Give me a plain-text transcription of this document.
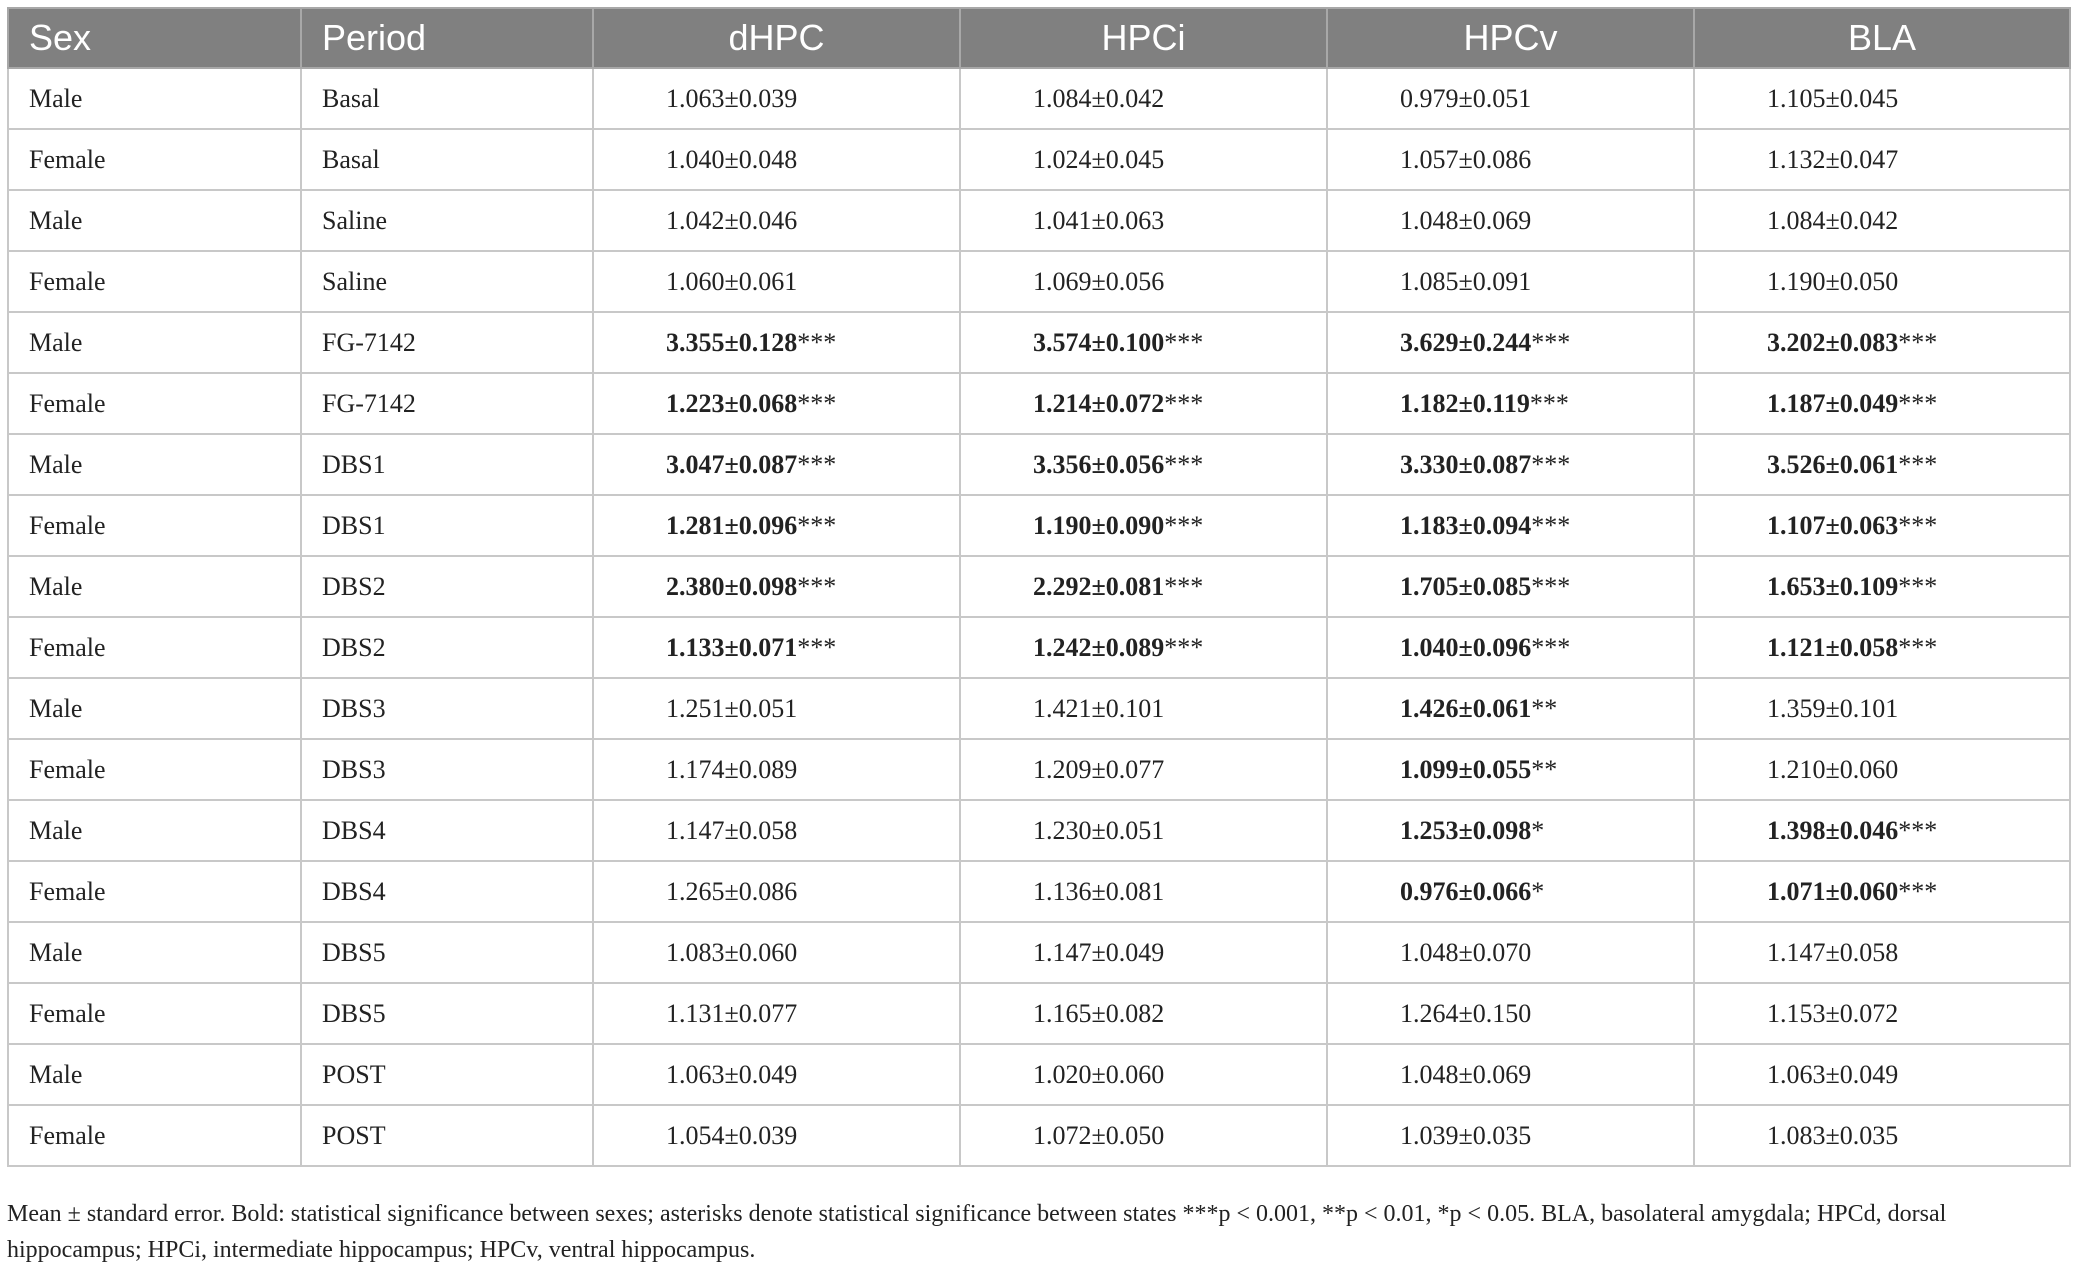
Sex	Period	dHPC	HPCi	HPCv	BLA
Male	Basal	1.063±0.039	1.084±0.042	0.979±0.051	1.105±0.045
Female	Basal	1.040±0.048	1.024±0.045	1.057±0.086	1.132±0.047
Male	Saline	1.042±0.046	1.041±0.063	1.048±0.069	1.084±0.042
Female	Saline	1.060±0.061	1.069±0.056	1.085±0.091	1.190±0.050
Male	FG-7142	3.355±0.128***	3.574±0.100***	3.629±0.244***	3.202±0.083***
Female	FG-7142	1.223±0.068***	1.214±0.072***	1.182±0.119***	1.187±0.049***
Male	DBS1	3.047±0.087***	3.356±0.056***	3.330±0.087***	3.526±0.061***
Female	DBS1	1.281±0.096***	1.190±0.090***	1.183±0.094***	1.107±0.063***
Male	DBS2	2.380±0.098***	2.292±0.081***	1.705±0.085***	1.653±0.109***
Female	DBS2	1.133±0.071***	1.242±0.089***	1.040±0.096***	1.121±0.058***
Male	DBS3	1.251±0.051	1.421±0.101	1.426±0.061**	1.359±0.101
Female	DBS3	1.174±0.089	1.209±0.077	1.099±0.055**	1.210±0.060
Male	DBS4	1.147±0.058	1.230±0.051	1.253±0.098*	1.398±0.046***
Female	DBS4	1.265±0.086	1.136±0.081	0.976±0.066*	1.071±0.060***
Male	DBS5	1.083±0.060	1.147±0.049	1.048±0.070	1.147±0.058
Female	DBS5	1.131±0.077	1.165±0.082	1.264±0.150	1.153±0.072
Male	POST	1.063±0.049	1.020±0.060	1.048±0.069	1.063±0.049
Female	POST	1.054±0.039	1.072±0.050	1.039±0.035	1.083±0.035
Mean ± standard error. Bold: statistical significance between sexes; asterisks denote statistical significance between states ***p < 0.001, **p < 0.01, *p < 0.05. BLA, basolateral amygdala; HPCd, dorsal hippocampus; HPCi, intermediate hippocampus; HPCv, ventral hippocampus.
